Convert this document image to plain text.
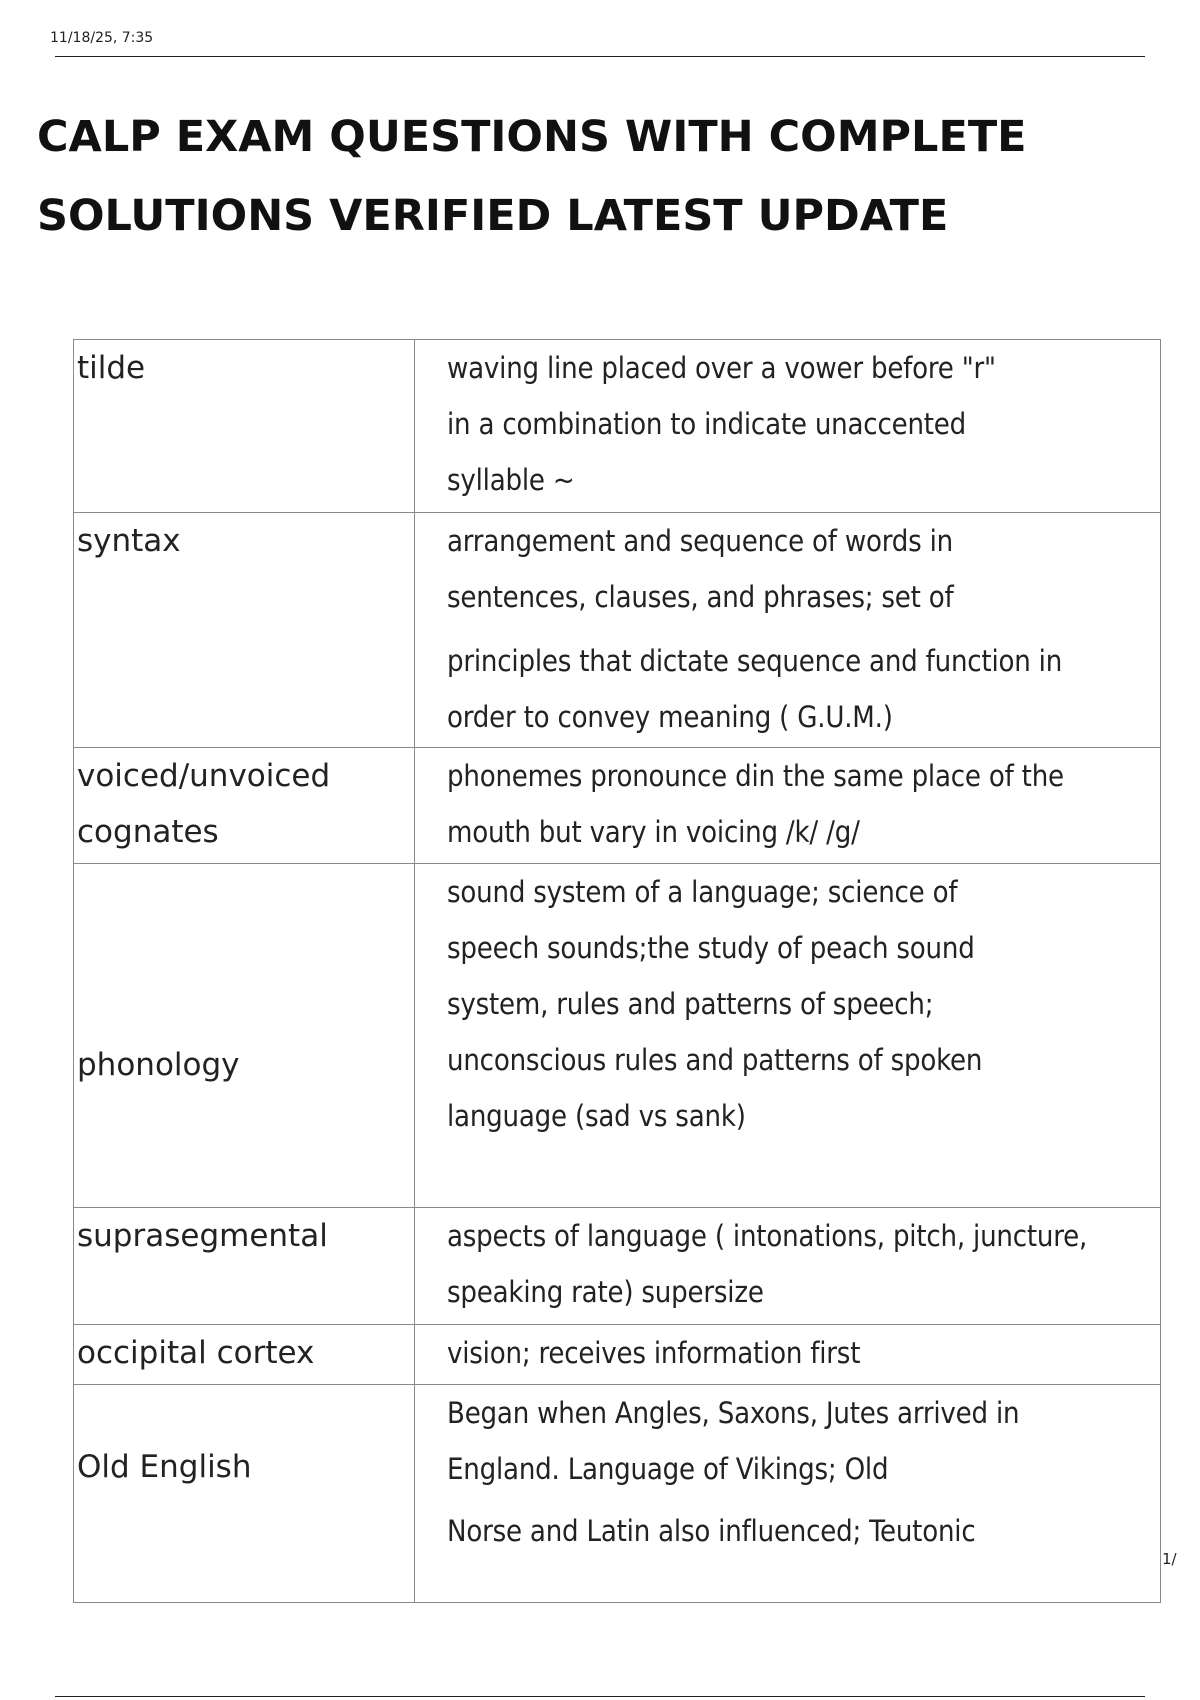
11/18/25, 7:35
CALP EXAM QUESTIONS WITH COMPLETE
SOLUTIONS VERIFIED LATEST UPDATE
tilde	waving line placed over a vower before "r"
in a combination to indicate unaccented
syllable ~

syntax	arrangement and sequence of words in
sentences, clauses, and phrases; set of
principles that dictate sequence and function in
order to convey meaning ( G.U.M.)

voiced/unvoiced
cognates	phonemes pronounce din the same place of the
mouth but vary in voicing /k/ /g/

phonology	sound system of a language; science of
speech sounds;the study of peach sound
system, rules and patterns of speech;
unconscious rules and patterns of spoken
language (sad vs sank)

suprasegmental	aspects of language ( intonations, pitch, juncture,
speaking rate) supersize

occipital cortex	vision; receives information first

Old English	Began when Angles, Saxons, Jutes arrived in
England. Language of Vikings; Old
Norse and Latin also influenced; Teutonic
1/
